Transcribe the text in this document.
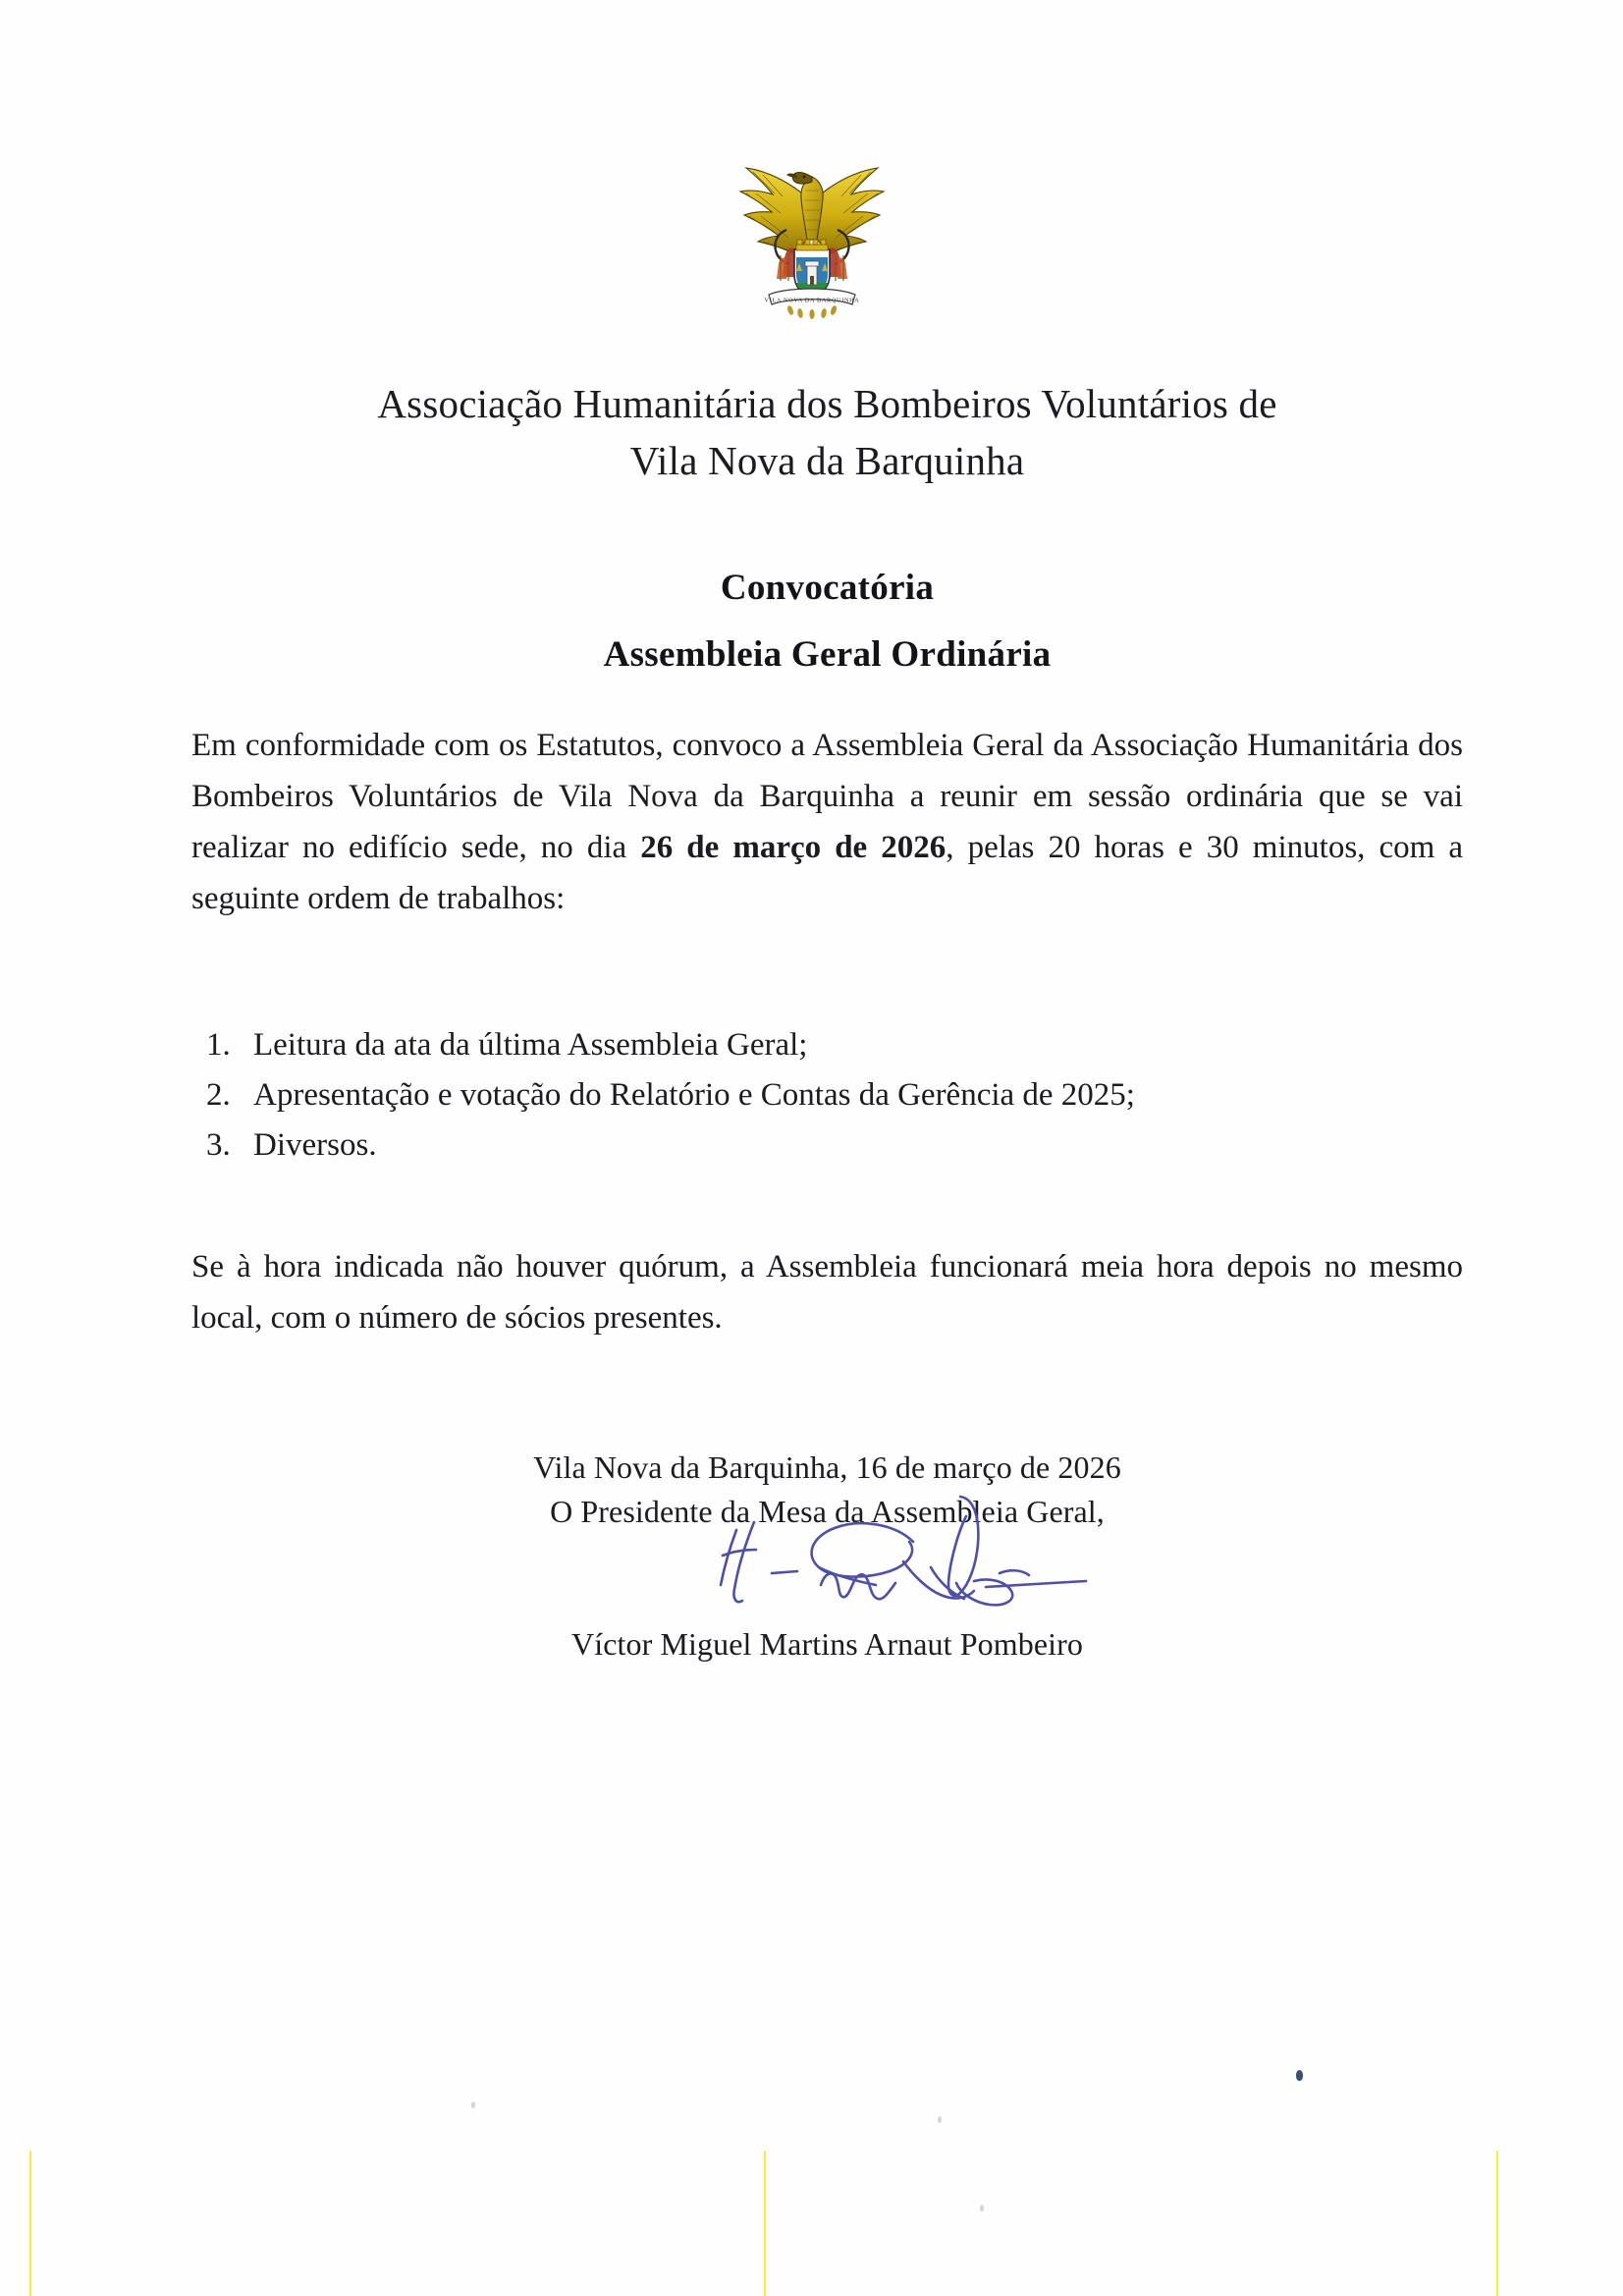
VILA NOVA DA BARQUINHA
Associação Humanitária dos Bombeiros Voluntários de
Vila Nova da Barquinha
Convocatória
Assembleia Geral Ordinária

Em conformidade com os Estatutos, convoco a Assembleia Geral da Associação Humanitária dos Bombeiros Voluntários de Vila Nova da Barquinha a reunir em sessão ordinária que se vai realizar no edifício sede, no dia 26 de março de 2026, pelas 20 horas e 30 minutos, com a seguinte ordem de trabalhos:

1. Leitura da ata da última Assembleia Geral;
2. Apresentação e votação do Relatório e Contas da Gerência de 2025;
3. Diversos.

Se à hora indicada não houver quórum, a Assembleia funcionará meia hora depois no mesmo local, com o número de sócios presentes.

Vila Nova da Barquinha, 16 de março de 2026
O Presidente da Mesa da Assembleia Geral,
Víctor Miguel Martins Arnaut Pombeiro
